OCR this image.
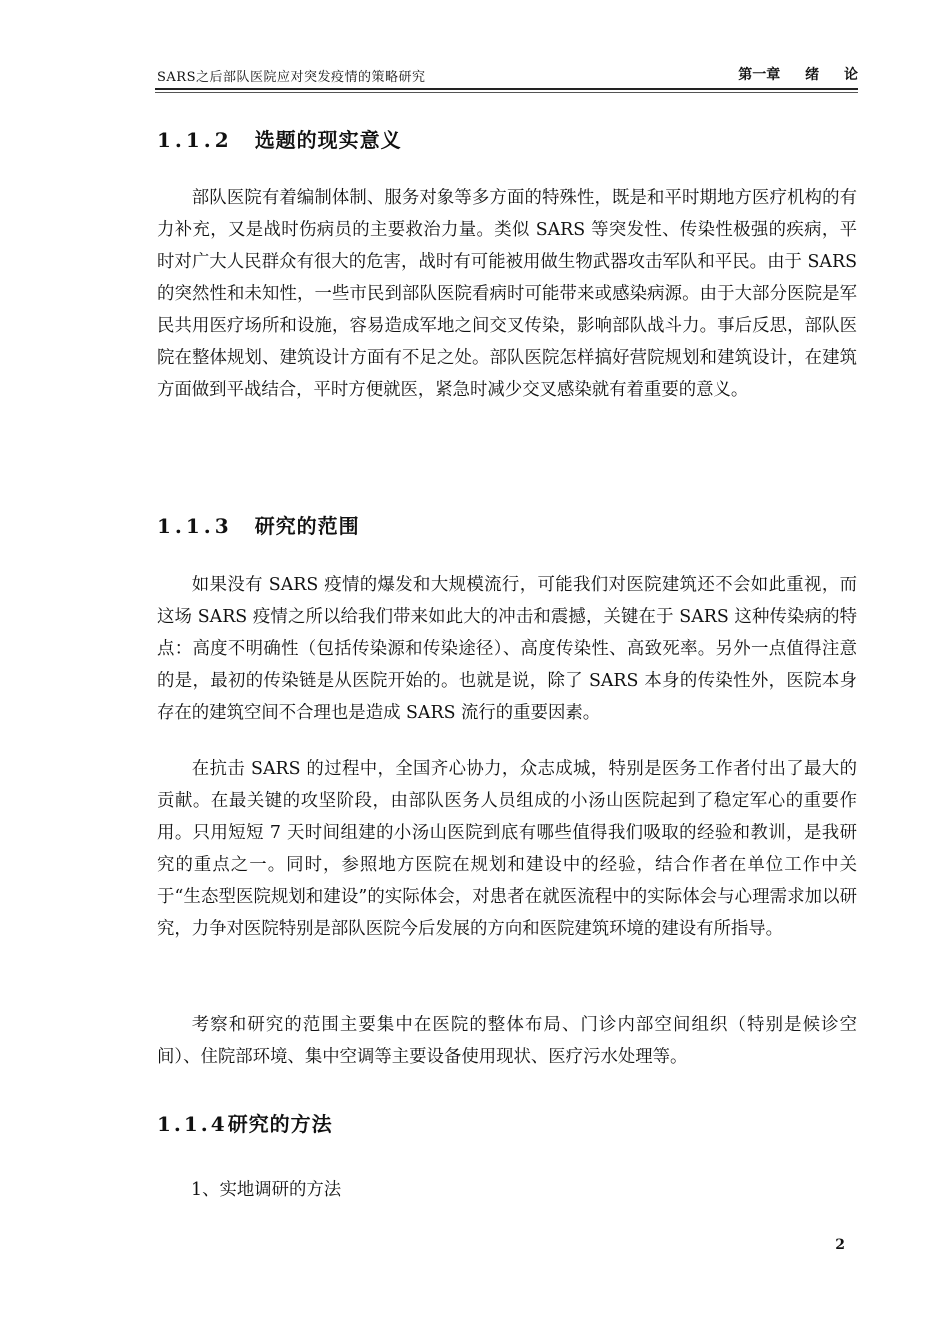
SARS之后部队医院应对突发疫情的策略研究	第一章 绪 论
1.1.2 选题的现实意义

部队医院有着编制体制、服务对象等多方面的特殊性，既是和平时期地方医疗机构的有力补充，又是战时伤病员的主要救治力量。类似 SARS 等突发性、传染性极强的疾病，平时对广大人民群众有很大的危害，战时有可能被用做生物武器攻击军队和平民。由于 SARS 的突然性和未知性，一些市民到部队医院看病时可能带来或感染病源。由于大部分医院是军民共用医疗场所和设施，容易造成军地之间交叉传染，影响部队战斗力。事后反思，部队医院在整体规划、建筑设计方面有不足之处。部队医院怎样搞好营院规划和建筑设计，在建筑方面做到平战结合，平时方便就医，紧急时减少交叉感染就有着重要的意义。

1.1.3 研究的范围

如果没有 SARS 疫情的爆发和大规模流行，可能我们对医院建筑还不会如此重视，而这场 SARS 疫情之所以给我们带来如此大的冲击和震撼，关键在于 SARS 这种传染病的特点：高度不明确性（包括传染源和传染途径）、高度传染性、高致死率。另外一点值得注意的是，最初的传染链是从医院开始的。也就是说，除了 SARS 本身的传染性外，医院本身存在的建筑空间不合理也是造成 SARS 流行的重要因素。

在抗击 SARS 的过程中，全国齐心协力，众志成城，特别是医务工作者付出了最大的贡献。在最关键的攻坚阶段，由部队医务人员组成的小汤山医院起到了稳定军心的重要作用。只用短短 7 天时间组建的小汤山医院到底有哪些值得我们吸取的经验和教训，是我研究的重点之一。同时，参照地方医院在规划和建设中的经验，结合作者在单位工作中关于“生态型医院规划和建设”的实际体会，对患者在就医流程中的实际体会与心理需求加以研究，力争对医院特别是部队医院今后发展的方向和医院建筑环境的建设有所指导。

考察和研究的范围主要集中在医院的整体布局、门诊内部空间组织（特别是候诊空间）、住院部环境、集中空调等主要设备使用现状、医疗污水处理等。

1.1.4研究的方法
1、实地调研的方法
2
